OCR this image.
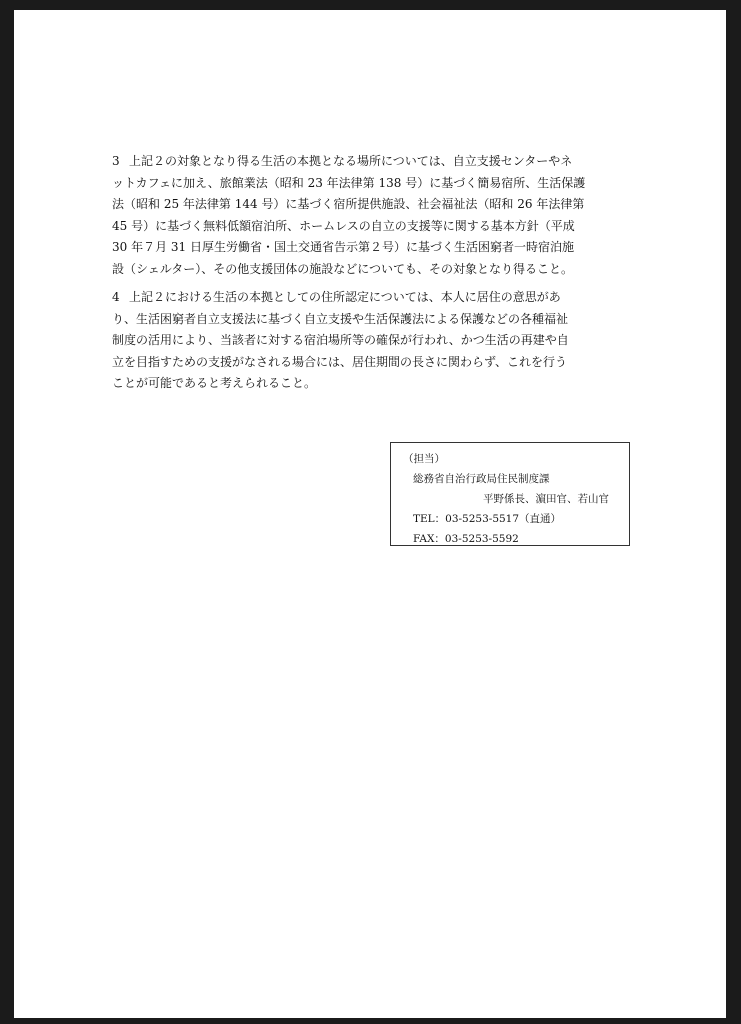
3 上記２の対象となり得る生活の本拠となる場所については、自立支援センターやネ
ットカフェに加え、旅館業法（昭和 23 年法律第 138 号）に基づく簡易宿所、生活保護
法（昭和 25 年法律第 144 号）に基づく宿所提供施設、社会福祉法（昭和 26 年法律第
45 号）に基づく無料低額宿泊所、ホームレスの自立の支援等に関する基本方針（平成
30 年７月 31 日厚生労働省・国土交通省告示第２号）に基づく生活困窮者一時宿泊施
設（シェルター）、その他支援団体の施設などについても、その対象となり得ること。
4 上記２における生活の本拠としての住所認定については、本人に居住の意思があ
り、生活困窮者自立支援法に基づく自立支援や生活保護法による保護などの各種福祉
制度の活用により、当該者に対する宿泊場所等の確保が行われ、かつ生活の再建や自
立を目指すための支援がなされる場合には、居住期間の長さに関わらず、これを行う
ことが可能であると考えられること。
（担当）
総務省自治行政局住民制度課
平野係長、濵田官、若山官
TEL：03-5253-5517（直通）
FAX：03-5253-5592
